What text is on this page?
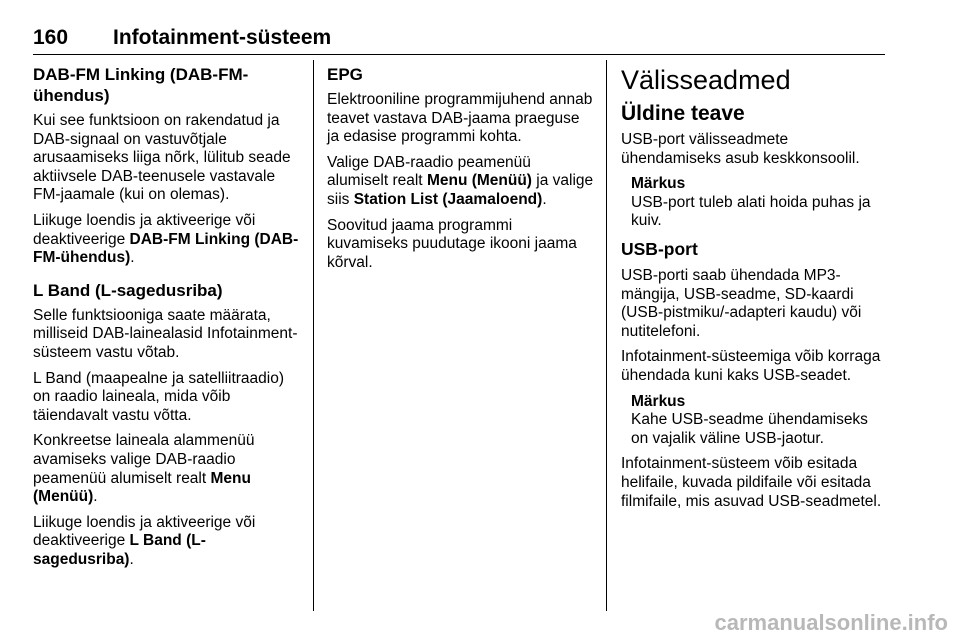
160 Infotainment-süsteem
DAB-FM Linking (DAB-FM-ühendus)

Kui see funktsioon on rakendatud ja DAB-signaal on vastuvõtjale arusaamiseks liiga nõrk, lülitub seade aktiivsele DAB-teenusele vastavale FM-jaamale (kui on olemas).

Liikuge loendis ja aktiveerige või deaktiveerige DAB-FM Linking (DAB-FM-ühendus).

L Band (L-sagedusriba)

Selle funktsiooniga saate määrata, milliseid DAB-lainealasid Infotainment-süsteem vastu võtab.

L Band (maapealne ja satelliitraadio) on raadio laineala, mida võib täiendavalt vastu võtta.

Konkreetse laineala alammenüü avamiseks valige DAB-raadio peamenüü alumiselt realt Menu (Menüü).

Liikuge loendis ja aktiveerige või deaktiveerige L Band (L-sagedusriba).

EPG

Elektrooniline programmijuhend annab teavet vastava DAB-jaama praeguse ja edasise programmi kohta.

Valige DAB-raadio peamenüü alumiselt realt Menu (Menüü) ja valige siis Station List (Jaamaloend).

Soovitud jaama programmi kuvamiseks puudutage ikooni jaama kõrval.

Välisseadmed
Üldine teave

USB-port välisseadmete ühendamiseks asub keskkonsoolil.

Märkus
USB-port tuleb alati hoida puhas ja kuiv.
USB-port

USB-porti saab ühendada MP3-mängija, USB-seadme, SD-kaardi (USB-pistmiku/-adapteri kaudu) või nutitelefoni.

Infotainment-süsteemiga võib korraga ühendada kuni kaks USB-seadet.

Märkus
Kahe USB-seadme ühendamiseks on vajalik väline USB-jaotur.

Infotainment-süsteem võib esitada helifaile, kuvada pildifaile või esitada filmifaile, mis asuvad USB-seadmetel.

carmanualsonline.info
